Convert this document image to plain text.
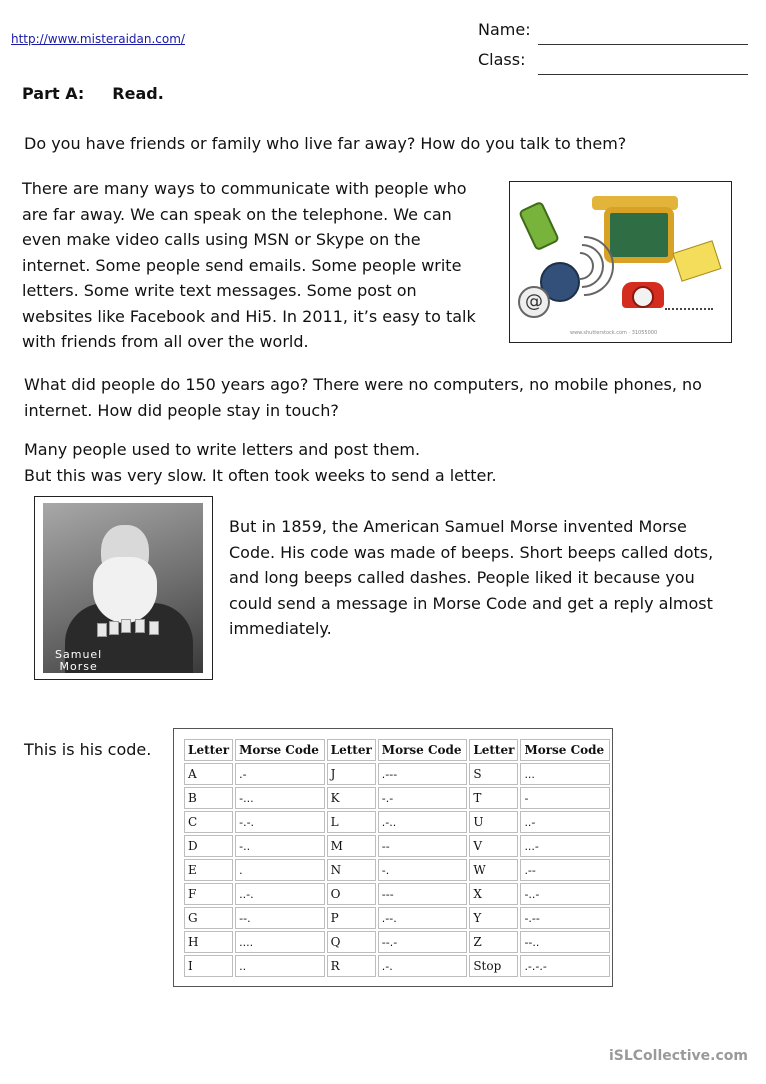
http://www.misteraidan.com/	Name:
Class:
Part A: Read.
Do you have friends or family who live far away? How do you talk to them?
There are many ways to communicate with people who are far away. We can speak on the telephone. We can even make video calls using MSN or Skype on the internet. Some people send emails. Some people write letters. Some write text messages. Some post on websites like Facebook and Hi5. In 2011, it’s easy to talk with friends from all over the world.
@
www.shutterstock.com · 31055000
What did people do 150 years ago? There were no computers, no mobile phones, no internet. How did people stay in touch?

Many people used to write letters and post them.

But this was very slow. It often took weeks to send a letter.

Samuel
Morse
But in 1859, the American Samuel Morse invented Morse Code. His code was made of beeps. Short beeps called dots, and long beeps called dashes. People liked it because you could send a message in Morse Code and get a reply almost immediately.
This is his code.	Letter	Morse Code	Letter	Morse Code	Letter	Morse Code
A	.-	J	.---	S	...
B	-...	K	-.-	T	-
C	-.-.	L	.-..	U	..-
D	-..	M	--	V	...-
E	.	N	-.	W	.--
F	..-.	O	---	X	-..-
G	--.	P	.--.	Y	-.--
H	....	Q	--.-	Z	--..
I	..	R	.-.	Stop	.-.-.-
iSLCollective.com
